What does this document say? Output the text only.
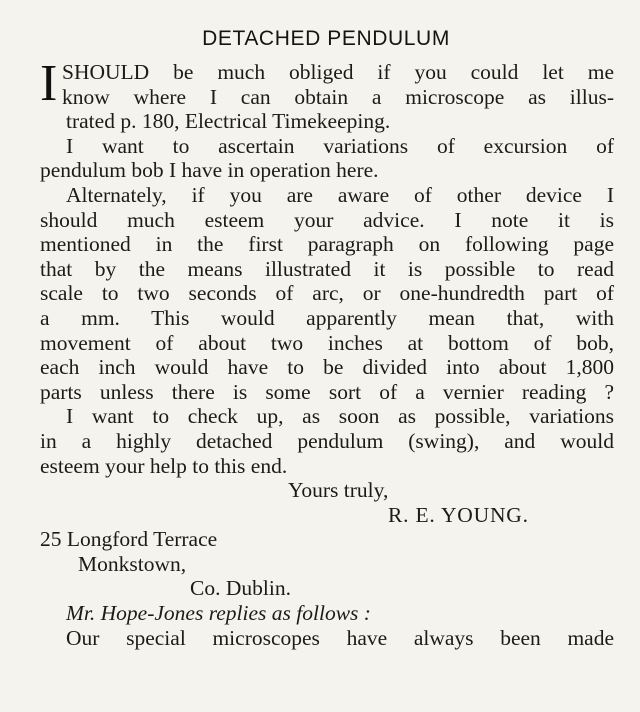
DETACHED PENDULUM
I SHOULD be much obliged if you could let me
know where I can obtain a microscope as illus-
trated p. 180, Electrical Timekeeping.
I want to ascertain variations of excursion of
pendulum bob I have in operation here.
Alternately, if you are aware of other device I
should much esteem your advice. I note it is
mentioned in the first paragraph on following page
that by the means illustrated it is possible to read
scale to two seconds of arc, or one-hundredth part of
a mm. This would apparently mean that, with
movement of about two inches at bottom of bob,
each inch would have to be divided into about 1,800
parts unless there is some sort of a vernier reading ?
I want to check up, as soon as possible, variations
in a highly detached pendulum (swing), and would
esteem your help to this end.
Yours truly,
R. E. YOUNG.
25 Longford Terrace
Monkstown,
Co. Dublin.
Mr. Hope-Jones replies as follows :
Our special microscopes have always been made
